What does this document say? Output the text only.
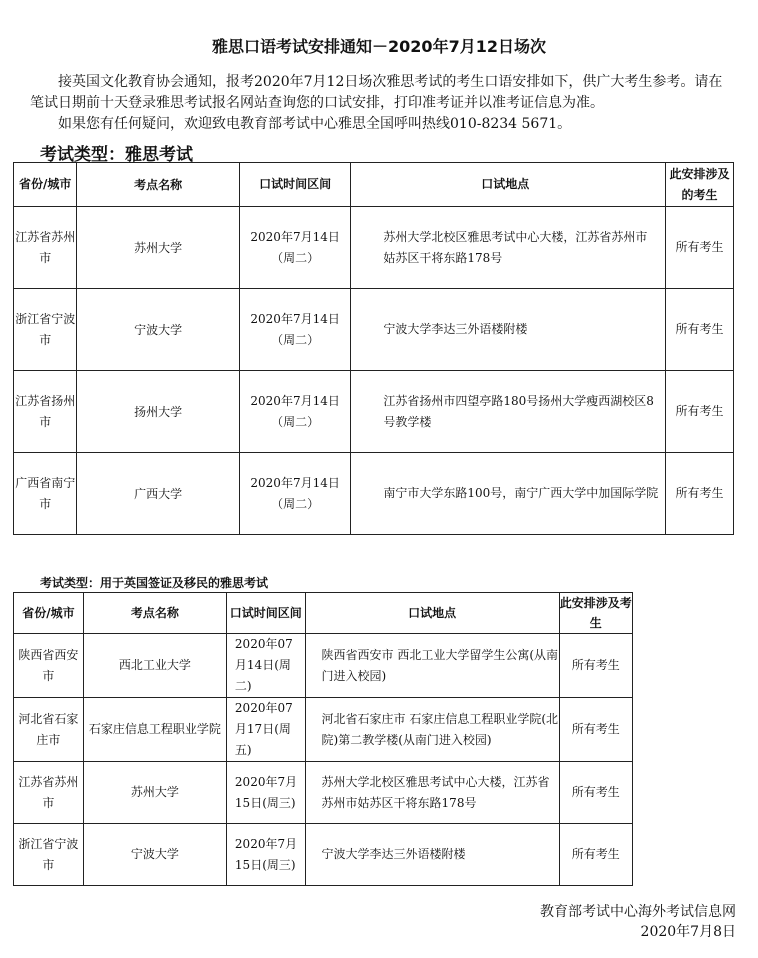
雅思口语考试安排通知－2020年7月12日场次

接英国文化教育协会通知，报考2020年7月12日场次雅思考试的考生口语安排如下，供广大考生参考。请在笔试日期前十天登录雅思考试报名网站查询您的口试安排，打印准考证并以准考证信息为准。

如果您有任何疑问，欢迎致电教育部考试中心雅思全国呼叫热线010-8234 5671。

考试类型：雅思考试
省份/城市	考点名称	口试时间区间	口试地点	此安排涉及的考生
江苏省苏州市	苏州大学	2020年7月14日（周二）	苏州大学北校区雅思考试中心大楼，江苏省苏州市姑苏区干将东路178号	所有考生
浙江省宁波市	宁波大学	2020年7月14日（周二）	宁波大学李达三外语楼附楼	所有考生
江苏省扬州市	扬州大学	2020年7月14日（周二）	江苏省扬州市四望亭路180号扬州大学瘦西湖校区8号教学楼	所有考生
广西省南宁市	广西大学	2020年7月14日（周二）	南宁市大学东路100号，南宁广西大学中加国际学院	所有考生
考试类型：用于英国签证及移民的雅思考试
省份/城市	考点名称	口试时间区间	口试地点	此安排涉及考生
陕西省西安市	西北工业大学	2020年07月14日(周二)	陕西省西安市 西北工业大学留学生公寓(从南门进入校园)	所有考生
河北省石家庄市	石家庄信息工程职业学院	2020年07月17日(周五)	河北省石家庄市 石家庄信息工程职业学院(北院)第二教学楼(从南门进入校园)	所有考生
江苏省苏州市	苏州大学	2020年7月15日(周三)	苏州大学北校区雅思考试中心大楼，江苏省苏州市姑苏区干将东路178号	所有考生
浙江省宁波市	宁波大学	2020年7月15日(周三)	宁波大学李达三外语楼附楼	所有考生
教育部考试中心海外考试信息网
2020年7月8日
